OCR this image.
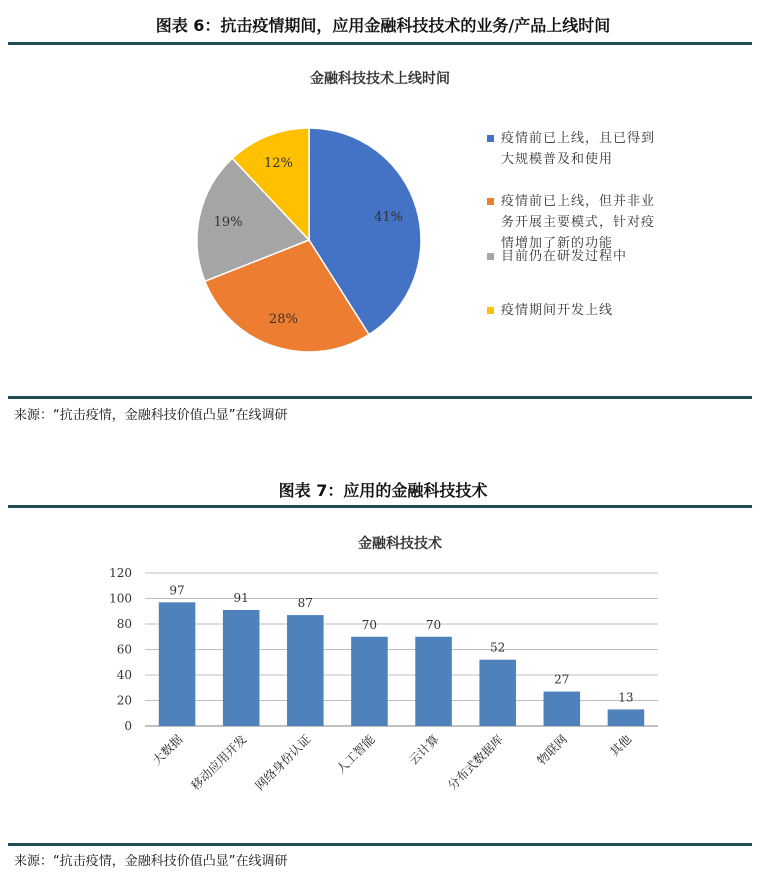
图表 6：抗击疫情期间，应用金融科技技术的业务/产品上线时间
金融科技技术上线时间
41%
28%
19%
12%
疫情前已上线，且已得到大规模普及和使用
疫情前已上线，但并非业务开展主要模式，针对疫情增加了新的功能
目前仍在研发过程中
疫情期间开发上线
来源：“抗击疫情，金融科技价值凸显”在线调研
图表 7：应用的金融科技技术
金融科技技术
0
20
40
60
80
100
120
97
大数据
91
移动应用开发
87
网络身份认证
70
人工智能
70
云计算
52
分布式数据库
27
物联网
13
其他
来源：“抗击疫情，金融科技价值凸显”在线调研
